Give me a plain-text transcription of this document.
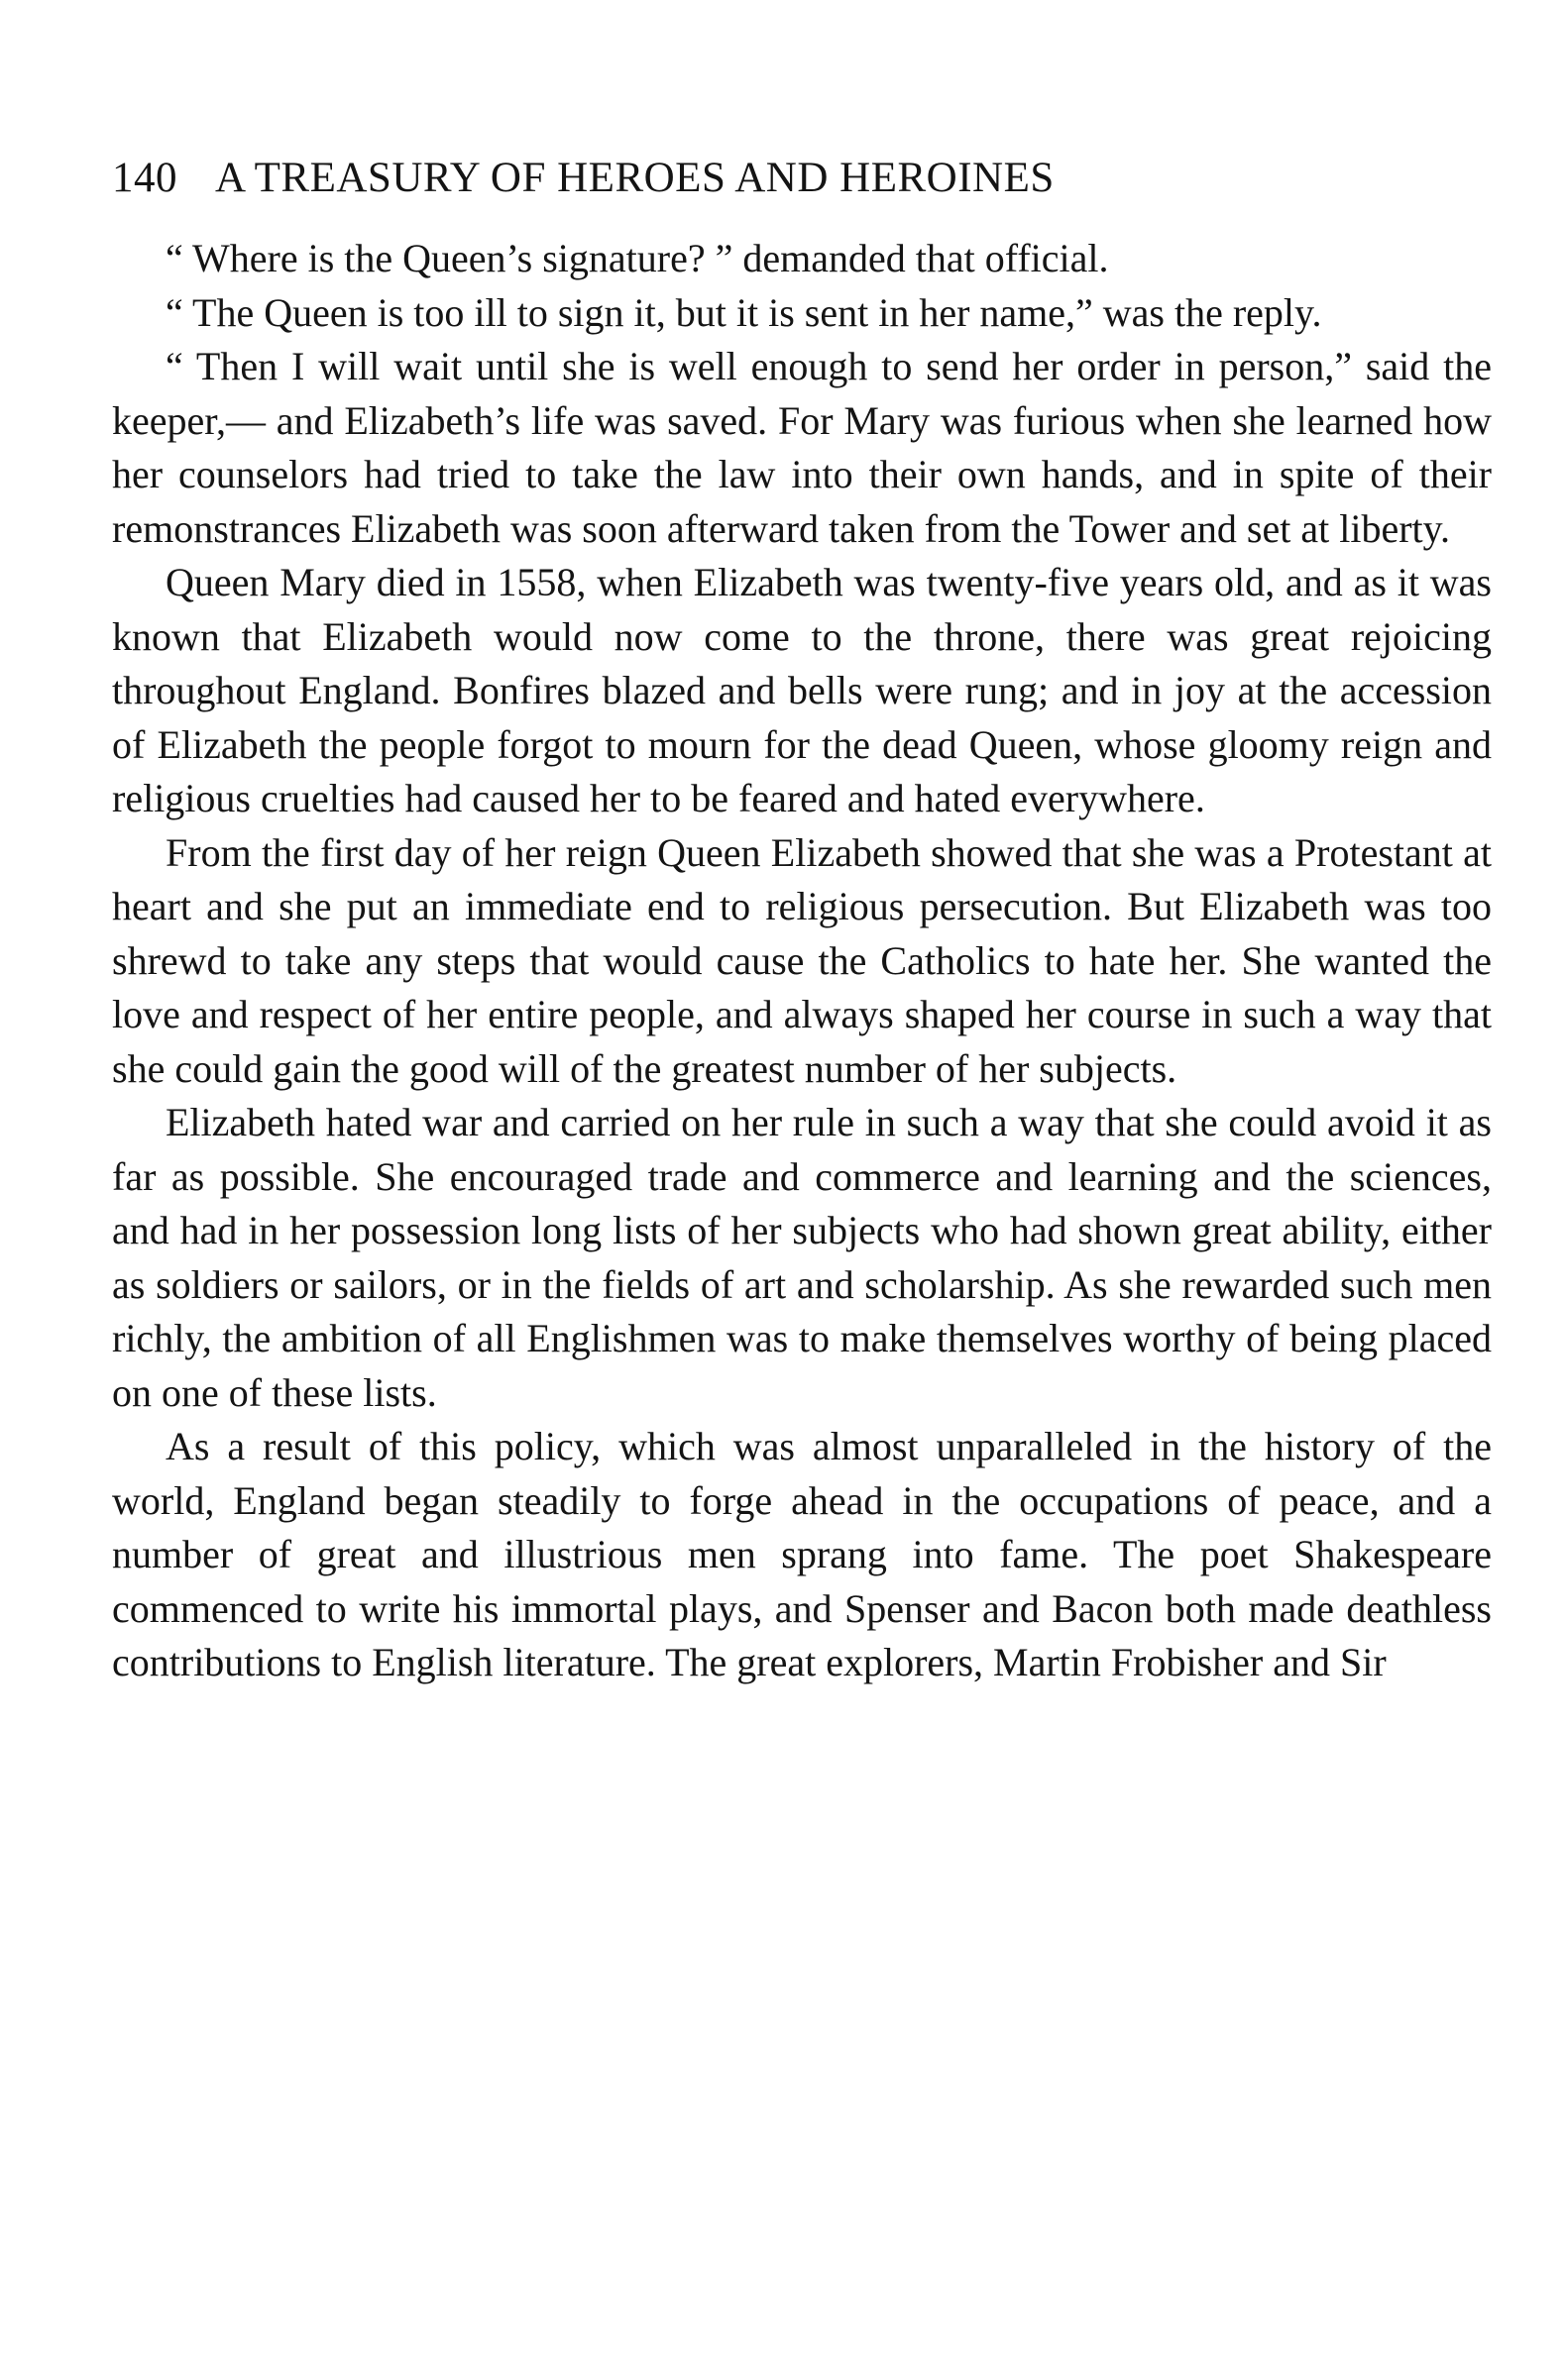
140 A TREASURY OF HEROES AND HEROINES

“ Where is the Queen’s signature? ” demanded that official.

“ The Queen is too ill to sign it, but it is sent in her name,” was the reply.

“ Then I will wait until she is well enough to send her order in person,” said the keeper,— and Elizabeth’s life was saved. For Mary was furious when she learned how her counselors had tried to take the law into their own hands, and in spite of their remonstrances Elizabeth was soon afterward taken from the Tower and set at liberty.

Queen Mary died in 1558, when Elizabeth was twenty-five years old, and as it was known that Elizabeth would now come to the throne, there was great rejoicing throughout England. Bonfires blazed and bells were rung; and in joy at the accession of Elizabeth the people forgot to mourn for the dead Queen, whose gloomy reign and religious cruelties had caused her to be feared and hated everywhere.

From the first day of her reign Queen Elizabeth showed that she was a Protestant at heart and she put an immediate end to religious persecution. But Elizabeth was too shrewd to take any steps that would cause the Catholics to hate her. She wanted the love and respect of her entire people, and always shaped her course in such a way that she could gain the good will of the greatest number of her subjects.

Elizabeth hated war and carried on her rule in such a way that she could avoid it as far as possible. She encouraged trade and commerce and learning and the sciences, and had in her possession long lists of her subjects who had shown great ability, either as soldiers or sailors, or in the fields of art and scholarship. As she rewarded such men richly, the ambition of all Englishmen was to make themselves worthy of being placed on one of these lists.

As a result of this policy, which was almost unparalleled in the history of the world, England began steadily to forge ahead in the occupations of peace, and a number of great and illustrious men sprang into fame. The poet Shakespeare commenced to write his immortal plays, and Spenser and Bacon both made deathless contributions to English literature. The great explorers, Martin Frobisher and Sir
